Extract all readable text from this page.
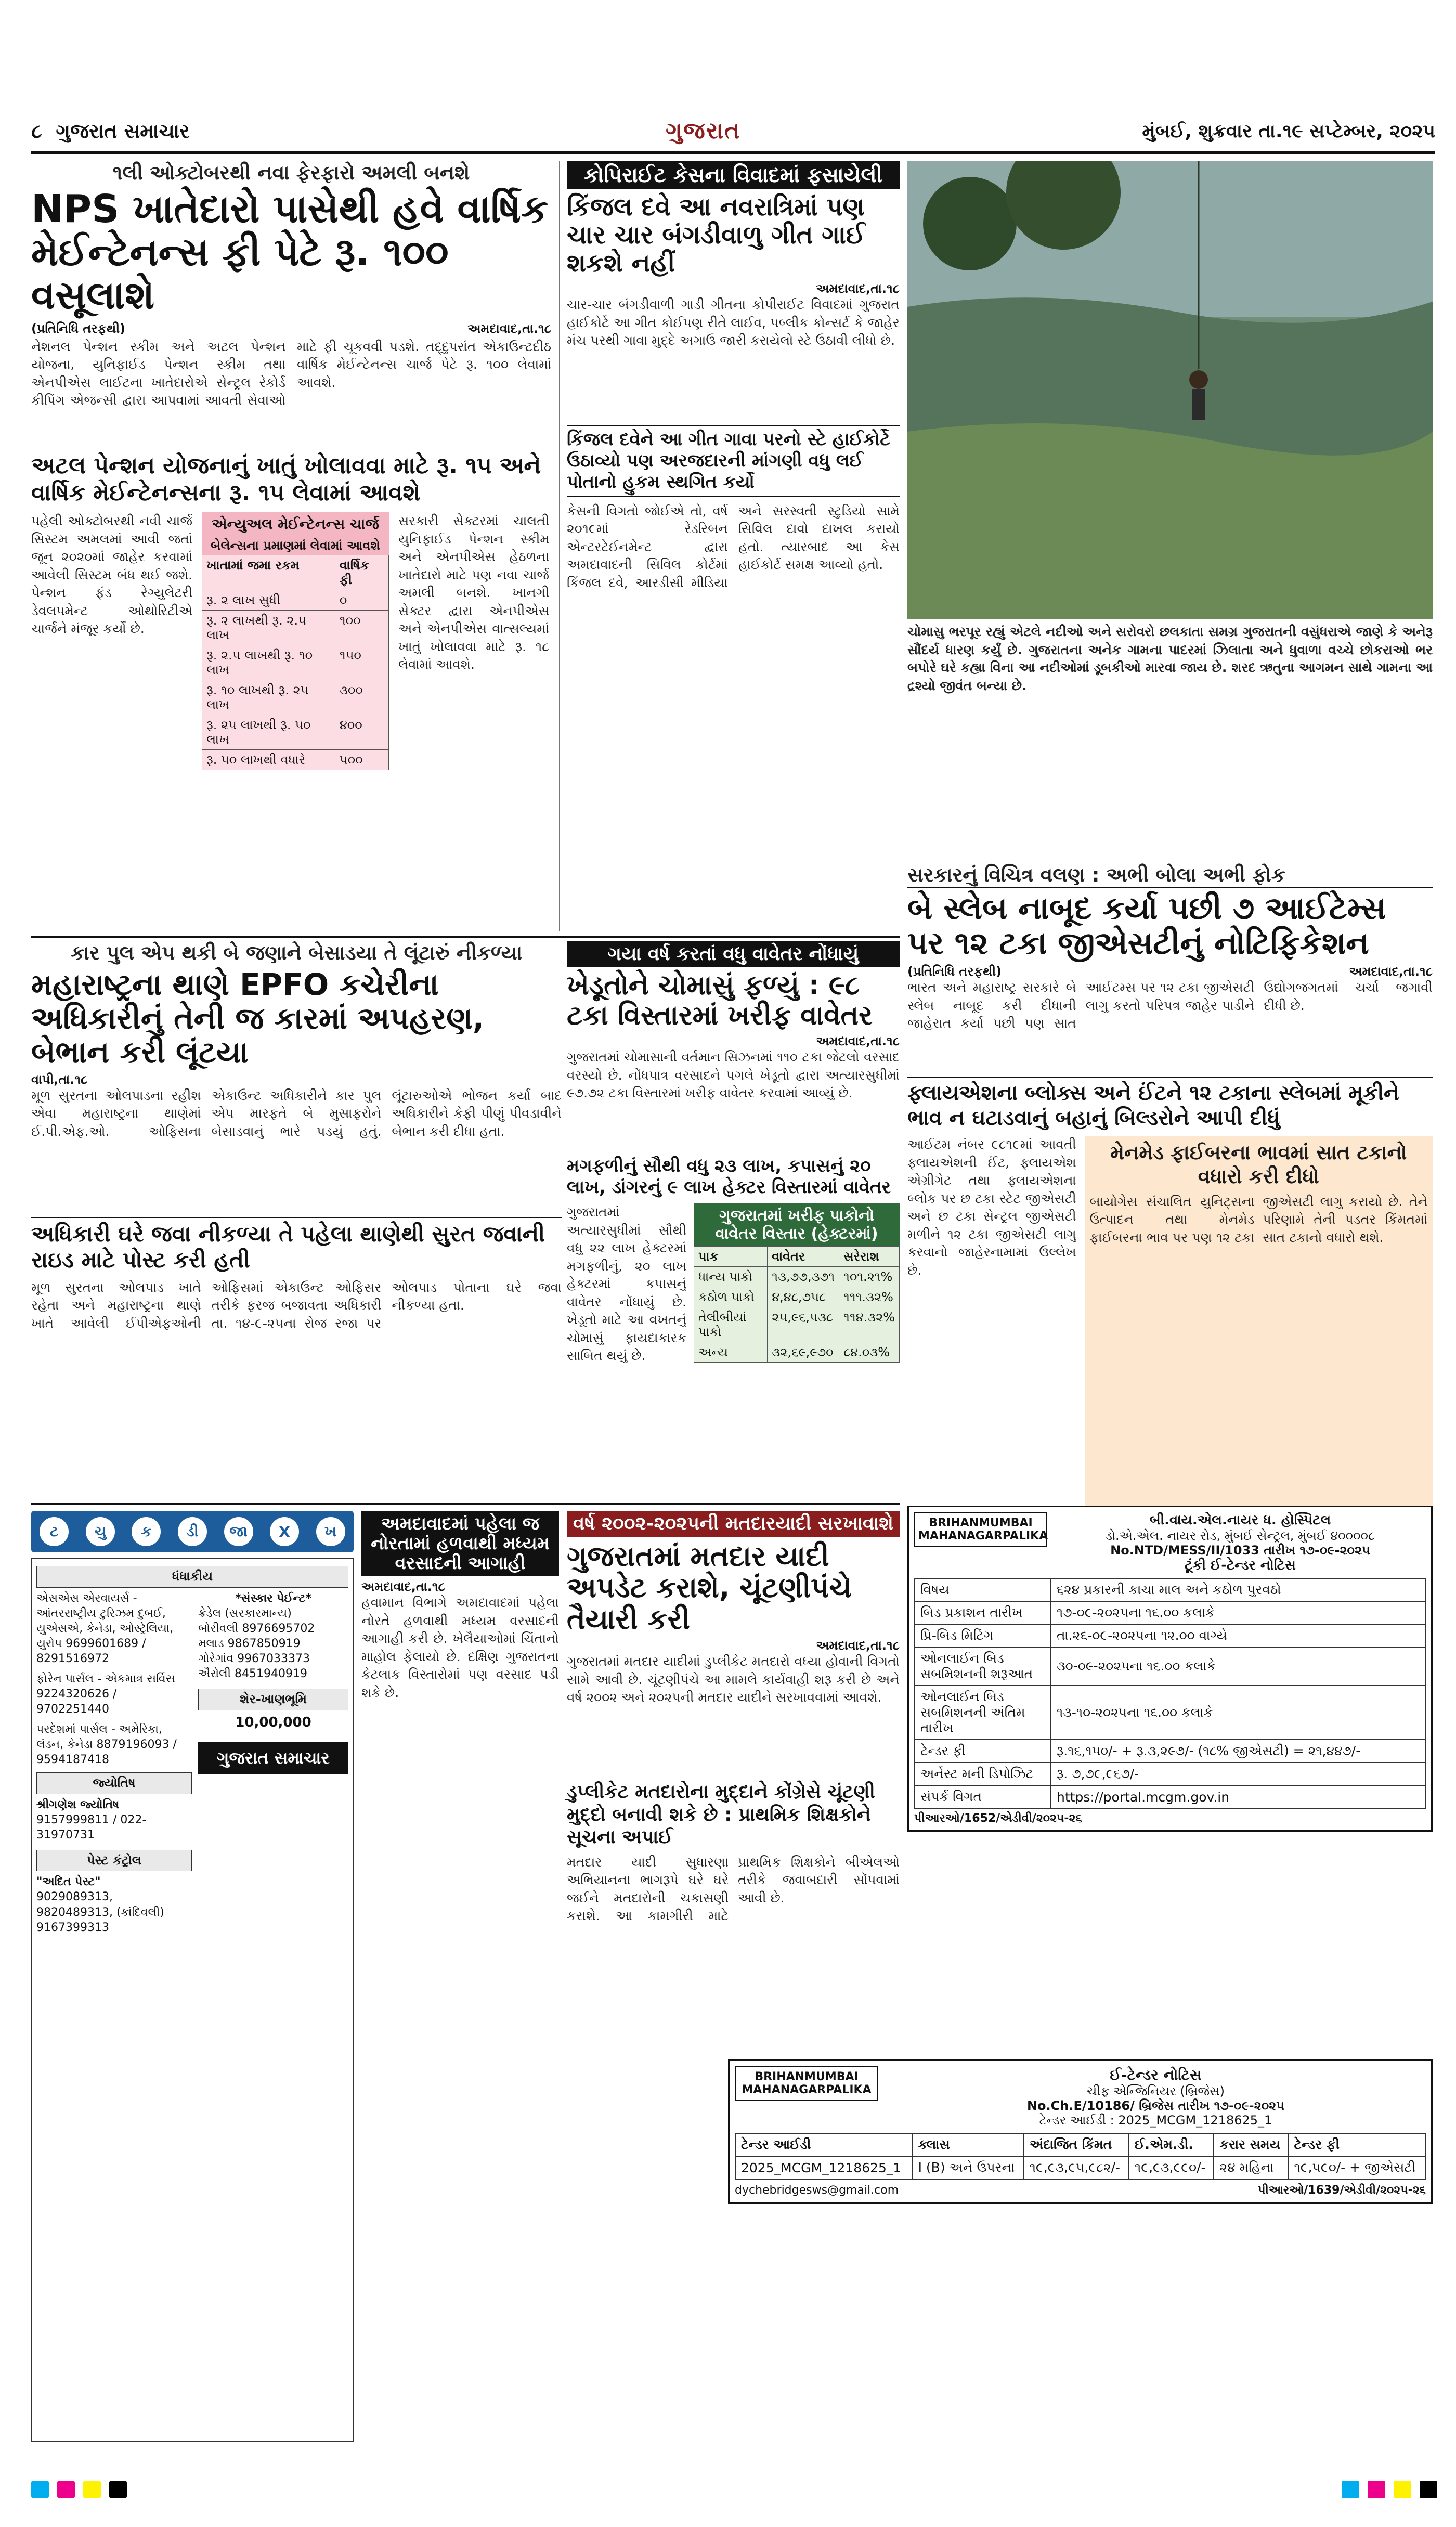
૮ ગુજરાત સમાચાર	ગુજરાત	મુંબઈ, શુક્રવાર તા.૧૯ સપ્ટેમ્બર, ૨૦૨૫
૧લી ઓક્ટોબરથી નવા ફેરફારો અમલી બનશે
NPS ખાતેદારો પાસેથી હવે વાર્ષિક મેઈન્ટેનન્સ ફી પેટે રૂ. ૧૦૦ વસૂલાશે
(પ્રતિનિધિ તરફથી)	અમદાવાદ,તા.૧૮
નેશનલ પેન્શન સ્કીમ અને અટલ પેન્શન યોજના, યુનિફાઈડ પેન્શન સ્કીમ તથા એનપીએસ લાઈટના ખાતેદારોએ સેન્ટ્રલ રેકોર્ડ કીપિંગ એજન્સી દ્વારા આપવામાં આવતી સેવાઓ માટે ફી ચૂકવવી પડશે. તદ્દુપરાંત એકાઉન્ટદીઠ વાર્ષિક મેઈન્ટેનન્સ ચાર્જ પેટે રૂ. ૧૦૦ લેવામાં આવશે.
અટલ પેન્શન યોજનાનું ખાતું ખોલાવવા માટે રૂ. ૧૫ અને વાર્ષિક મેઈન્ટેનન્સના રૂ. ૧૫ લેવામાં આવશે
પહેલી ઓક્ટોબરથી નવી ચાર્જ સિસ્ટમ અમલમાં આવી જતાં જૂન ૨૦૨૦માં જાહેર કરવામાં આવેલી સિસ્ટમ બંધ થઈ જશે. પેન્શન ફંડ રેગ્યુલેટરી ડેવલપમેન્ટ ઓથોરિટીએ ચાર્જને મંજૂર કર્યો છે.
એન્યુઅલ મેઈન્ટેનન્સ ચાર્જ
બેલેન્સના પ્રમાણમાં લેવામાં આવશે
ખાતામાં જમા રકમ	વાર્ષિક ફી
રૂ. ૨ લાખ સુધી	૦
રૂ. ૨ લાખથી રૂ. ૨.૫ લાખ	૧૦૦
રૂ. ૨.૫ લાખથી રૂ. ૧૦ લાખ	૧૫૦
રૂ. ૧૦ લાખથી રૂ. ૨૫ લાખ	૩૦૦
રૂ. ૨૫ લાખથી રૂ. ૫૦ લાખ	૪૦૦
રૂ. ૫૦ લાખથી વધારે	૫૦૦
સરકારી સેક્ટરમાં ચાલતી યુનિફાઈડ પેન્શન સ્કીમ અને એનપીએસ હેઠળના ખાતેદારો માટે પણ નવા ચાર્જ અમલી બનશે. ખાનગી સેક્ટર દ્વારા એનપીએસ અને એનપીએસ વાત્સલ્યમાં ખાતું ખોલાવવા માટે રૂ. ૧૮ લેવામાં આવશે.
કોપિરાઈટ કેસના વિવાદમાં ફસાયેલી
કિંજલ દવે આ નવરાત્રિમાં પણ ચાર ચાર બંગડીવાળુ ગીત ગાઈ શકશે નહીં
અમદાવાદ,તા.૧૮
ચાર-ચાર બંગડીવાળી ગાડી ગીતના કોપીરાઈટ વિવાદમાં ગુજરાત હાઈકોર્ટે આ ગીત કોઈપણ રીતે લાઈવ, પબ્લીક કોન્સર્ટ કે જાહેર મંચ પરથી ગાવા મુદ્દે અગાઉ જારી કરાયેલો સ્ટે ઉઠાવી લીધો છે.
કિંજલ દવેને આ ગીત ગાવા પરનો સ્ટે હાઈકોર્ટે ઉઠાવ્યો પણ અરજદારની માંગણી વધુ લઈ પોતાનો હુકમ સ્થગિત કર્યો
કેસની વિગતો જોઈએ તો, વર્ષ ૨૦૧૯માં રેડરિબન એન્ટરટેઈનમેન્ટ દ્વારા અમદાવાદની સિવિલ કોર્ટમાં કિંજલ દવે, આરડીસી મીડિયા અને સરસ્વતી સ્ટુડિયો સામે સિવિલ દાવો દાખલ કરાયો હતો. ત્યારબાદ આ કેસ હાઈકોર્ટ સમક્ષ આવ્યો હતો.
ચોમાસુ ભરપૂર રહ્યું એટલે નદીઓ અને સરોવરો છલકાતા સમગ્ર ગુજરાતની વસુંધરાએ જાણે કે અનેરૂ સૌંદર્ય ધારણ કર્યું છે. ગુજરાતના અનેક ગામના પાદરમાં ઝિલાતા અને ધુવાળા વચ્ચે છોકરાઓ ભર બપોરે ઘરે કહ્યા વિના આ નદીઓમાં ડૂબકીઓ મારવા જાય છે. શરદ ઋતુના આગમન સાથે ગામના આ દ્રશ્યો જીવંત બન્યા છે.
સરકારનું વિચિત્ર વલણ : અભી બોલા અભી ફોક
બે સ્લેબ નાબૂદ કર્યા પછી ૭ આઈટેમ્સ પર ૧૨ ટકા જીએસટીનું નોટિફિકેશન
(પ્રતિનિધિ તરફથી)	અમદાવાદ,તા.૧૮
ભારત અને મહારાષ્ટ્ર સરકારે બે સ્લેબ નાબૂદ કરી દીધાની જાહેરાત કર્યા પછી પણ સાત આઈટમ્સ પર ૧૨ ટકા જીએસટી લાગુ કરતો પરિપત્ર જાહેર પાડીને ઉદ્યોગજગતમાં ચર્ચા જગાવી દીધી છે.
ફ્લાયએશના બ્લોક્સ અને ઈંટને ૧૨ ટકાના સ્લેબમાં મૂકીને ભાવ ન ઘટાડવાનું બહાનું બિલ્ડરોને આપી દીધું
આઈટમ નંબર ૯૮૧૯માં આવતી ફ્લાયએશની ઈંટ, ફ્લાયએશ એગ્રીગેટ તથા ફ્લાયએશના બ્લોક પર છ ટકા સ્ટેટ જીએસટી અને છ ટકા સેન્ટ્રલ જીએસટી મળીને ૧૨ ટકા જીએસટી લાગુ કરવાનો જાહેરનામામાં ઉલ્લેખ છે.
મેનમેડ ફાઈબરના ભાવમાં સાત ટકાનો વધારો કરી દીધો
બાયોગેસ સંચાલિત યુનિટ્સના ઉત્પાદન તથા મેનમેડ ફાઈબરના ભાવ પર પણ ૧૨ ટકા જીએસટી લાગુ કરાયો છે. તેને પરિણામે તેની પડતર કિંમતમાં સાત ટકાનો વધારો થશે.
કાર પુલ એપ થકી બે જણાને બેસાડયા તે લૂંટારું નીકળ્યા
મહારાષ્ટ્રના થાણે EPFO કચેરીના અધિકારીનું તેની જ કારમાં અપહરણ, બેભાન કરી લૂંટયા
વાપી,તા.૧૮
મૂળ સુરતના ઓલપાડના રહીશ એવા મહારાષ્ટ્રના થાણેમાં ઈ.પી.એફ.ઓ. ઓફિસના એકાઉન્ટ અધિકારીને કાર પુલ એપ મારફતે બે મુસાફરોને બેસાડવાનું ભારે પડયું હતું. લૂંટારુઓએ ભોજન કર્યા બાદ અધિકારીને કેફી પીણું પીવડાવીને બેભાન કરી દીધા હતા.
અધિકારી ઘરે જવા નીકળ્યા તે પહેલા થાણેથી સુરત જવાની રાઇડ માટે પોસ્ટ કરી હતી
મૂળ સુરતના ઓલપાડ ખાતે રહેતા અને મહારાષ્ટ્રના થાણે ખાતે આવેલી ઈપીએફઓની ઓફિસમાં એકાઉન્ટ ઓફિસર તરીકે ફરજ બજાવતા અધિકારી તા. ૧૪-૯-૨૫ના રોજ રજા પર ઓલપાડ પોતાના ઘરે જવા નીકળ્યા હતા.
ગયા વર્ષ કરતાં વધુ વાવેતર નોંધાયું
ખેડૂતોને ચોમાસું ફળ્યું : ૯૮ ટકા વિસ્તારમાં ખરીફ વાવેતર
અમદાવાદ,તા.૧૮
ગુજરાતમાં ચોમાસાની વર્તમાન સિઝનમાં ૧૧૦ ટકા જેટલો વરસાદ વરસ્યો છે. નોંધપાત્ર વરસાદને પગલે ખેડૂતો દ્વારા અત્યારસુધીમાં ૯૭.૭૨ ટકા વિસ્તારમાં ખરીફ વાવેતર કરવામાં આવ્યું છે.
મગફળીનું સૌથી વધુ ૨૩ લાખ, કપાસનું ૨૦ લાખ, ડાંગરનું ૯ લાખ હેક્ટર વિસ્તારમાં વાવેતર
ગુજરાતમાં અત્યારસુધીમાં સૌથી વધુ ૨૨ લાખ હેક્ટરમાં મગફળીનું, ૨૦ લાખ હેક્ટરમાં કપાસનું વાવેતર નોંધાયું છે. ખેડૂતો માટે આ વખતનું ચોમાસું ફાયદાકારક સાબિત થયું છે.
ગુજરાતમાં ખરીફ પાકોનો વાવેતર વિસ્તાર (હેક્ટરમાં)
પાક	વાવેતર	સરેરાશ
ધાન્ય પાકો	૧૩,૭૭,૩૭૧	૧૦૧.૨૧%
કઠોળ પાકો	૪,૪૮,૭૫૮	૧૧૧.૩૨%
તેલીબીયાં પાકો	૨૫,૯૬,૫૩૮	૧૧૪.૩૨%
અન્ય	૩૨,૬૯,૯૭૦	૮૪.૦૩%
ટ	ચુ	ક	ડી	જા	X	ખ
ધંધાકીય
એસએસ એરવાયર્સ - આંતરરાષ્ટ્રીય ટુરિઝમ દુબઈ, યુએસએ, કેનેડા, ઓસ્ટ્રેલિયા, યુરોપ 9699601689 / 8291516972
ફોરેન પાર્સલ - એકમાત્ર સર્વિસ 9224320626 / 9702251440
પરદેશમાં પાર્સલ - અમેરિકા, લંડન, કેનેડા 8879196093 / 9594187418
જ્યોતિષ
શ્રીગણેશ જ્યોતિષ
9157999811 / 022-31970731
પેસ્ટ કંટ્રોલ
"અદિત પેસ્ટ"
9029089313, 9820489313, (કાંદિવલી) 9167399313
*સંસ્કાર પેઈન્ટ*
ક્રેડેલ (સરકારમાન્ય)
બોરીવલી 8976695702
મલાડ 9867850919
ગોરેગાંવ 9967033373
ઐરોલી 8451940919
શેર-ખાણભૂમિ
10,00,000
ગુજરાત સમાચાર
અમદાવાદમાં પહેલા જ નોરતામાં હળવાથી મધ્યમ વરસાદની આગાહી
અમદાવાદ,તા.૧૮
હવામાન વિભાગે અમદાવાદમાં પહેલા નોરતે હળવાથી મધ્યમ વરસાદની આગાહી કરી છે. ખેલૈયાઓમાં ચિંતાનો માહોલ ફેલાયો છે. દક્ષિણ ગુજરાતના કેટલાક વિસ્તારોમાં પણ વરસાદ પડી શકે છે.
વર્ષ ૨૦૦૨-૨૦૨૫ની મતદારયાદી સરખાવાશે
ગુજરાતમાં મતદાર યાદી અપડેટ કરાશે, ચૂંટણીપંચે તૈયારી કરી
અમદાવાદ,તા.૧૮
ગુજરાતમાં મતદાર યાદીમાં ડુપ્લીકેટ મતદારો વધ્યા હોવાની વિગતો સામે આવી છે. ચૂંટણીપંચે આ મામલે કાર્યવાહી શરૂ કરી છે અને વર્ષ ૨૦૦૨ અને ૨૦૨૫ની મતદાર યાદીને સરખાવવામાં આવશે.
ડુપ્લીકેટ મતદારોના મુદ્દાને કોંગ્રેસે ચૂંટણી મુદ્દો બનાવી શકે છે : પ્રાથમિક શિક્ષકોને સૂચના અપાઈ
મતદાર યાદી સુધારણા અભિયાનના ભાગરૂપે ઘરે ઘરે જઈને મતદારોની ચકાસણી કરાશે. આ કામગીરી માટે પ્રાથમિક શિક્ષકોને બીએલઓ તરીકે જવાબદારી સોંપવામાં આવી છે.
BRIHANMUMBAI MAHANAGARPALIKA
બી.વાય.એલ.નાયર ધ. હોસ્પિટલ
ડો.એ.એલ. નાયર રોડ, મુંબઈ સેન્ટ્રલ, મુંબઈ ૪૦૦૦૦૮
No.NTD/MESS/II/1033 તારીખ ૧૭-૦૯-૨૦૨૫
ટૂંકી ઈ-ટેન્ડર નોટિસ
વિષય	૬૨૪ પ્રકારની કાચા માલ અને કઠોળ પુરવઠો
બિડ પ્રકાશન તારીખ	૧૭-૦૯-૨૦૨૫ના ૧૬.૦૦ કલાકે
પ્રિ-બિડ મિટિંગ	તા.૨૬-૦૯-૨૦૨૫ના ૧૨.૦૦ વાગ્યે
ઓનલાઈન બિડ સબમિશનની શરૂઆત	૩૦-૦૯-૨૦૨૫ના ૧૬.૦૦ કલાકે
ઓનલાઈન બિડ સબમિશનની અંતિમ તારીખ	૧૩-૧૦-૨૦૨૫ના ૧૬.૦૦ કલાકે
ટેન્ડર ફી	રૂ.૧૬,૧૫૦/- + રૂ.૩,૨૯૭/- (૧૮% જીએસટી) = ૨૧,૪૪૭/-
અર્નેસ્ટ મની ડિપોઝિટ	રૂ. ૭,૭૯,૯૬૭/-
સંપર્ક વિગત	https://portal.mcgm.gov.in
પીઆરઓ/1652/એડીવી/૨૦૨૫-૨૬
BRIHANMUMBAI MAHANAGARPALIKA
ઈ-ટેન્ડર નોટિસ
ચીફ એન્જિનિયર (બ્રિજેસ)
No.Ch.E/10186/ બ્રિજેસ તારીખ ૧૭-૦૯-૨૦૨૫
ટેન્ડર આઈડી : 2025_MCGM_1218625_1
ટેન્ડર આઈડી	ક્લાસ	અંદાજિત કિંમત	ઈ.એમ.ડી.	કરાર સમય	ટેન્ડર ફી
2025_MCGM_1218625_1	I (B) અને ઉપરના	૧૯,૯૩,૯૫,૯૮૨/-	૧૯,૯૩,૯૯૦/-	૨૪ મહિના	૧૯,૫૯૦/- + જીએસટી
dychebridgesws@gmail.com	પીઆરઓ/1639/એડીવી/૨૦૨૫-૨૬
